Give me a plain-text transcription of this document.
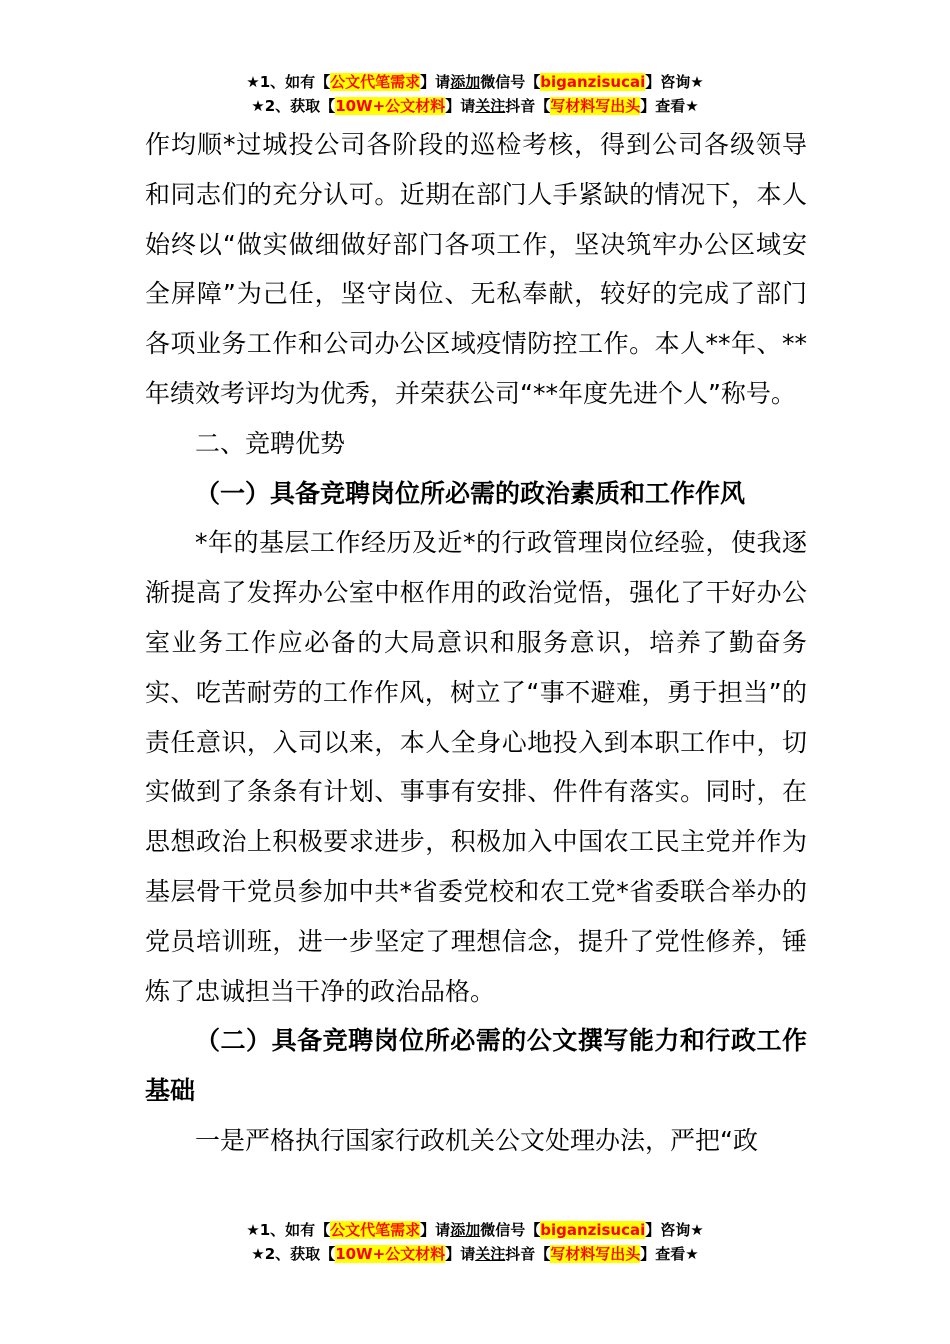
★1、如有【公文代笔需求】请添加微信号【biganzisucai】咨询★
★2、获取【10W+公文材料】请关注抖音【写材料写出头】查看★

作均顺*过城投公司各阶段的巡检考核，得到公司各级领导和同志们的充分认可。近期在部门人手紧缺的情况下，本人始终以“做实做细做好部门各项工作，坚决筑牢办公区域安全屏障”为己任，坚守岗位、无私奉献，较好的完成了部门各项业务工作和公司办公区域疫情防控工作。本人**年、**年绩效考评均为优秀，并荣获公司“**年度先进个人”称号。

二、竞聘优势

（一）具备竞聘岗位所必需的政治素质和工作作风

*年的基层工作经历及近*的行政管理岗位经验，使我逐渐提高了发挥办公室中枢作用的政治觉悟，强化了干好办公室业务工作应必备的大局意识和服务意识，培养了勤奋务实、吃苦耐劳的工作作风，树立了“事不避难，勇于担当”的责任意识，入司以来，本人全身心地投入到本职工作中，切实做到了条条有计划、事事有安排、件件有落实。同时，在思想政治上积极要求进步，积极加入中国农工民主党并作为基层骨干党员参加中共*省委党校和农工党*省委联合举办的党员培训班，进一步坚定了理想信念，提升了党性修养，锤炼了忠诚担当干净的政治品格。

（二）具备竞聘岗位所必需的公文撰写能力和行政工作基础

一是严格执行国家行政机关公文处理办法，严把“政

★1、如有【公文代笔需求】请添加微信号【biganzisucai】咨询★
★2、获取【10W+公文材料】请关注抖音【写材料写出头】查看★
